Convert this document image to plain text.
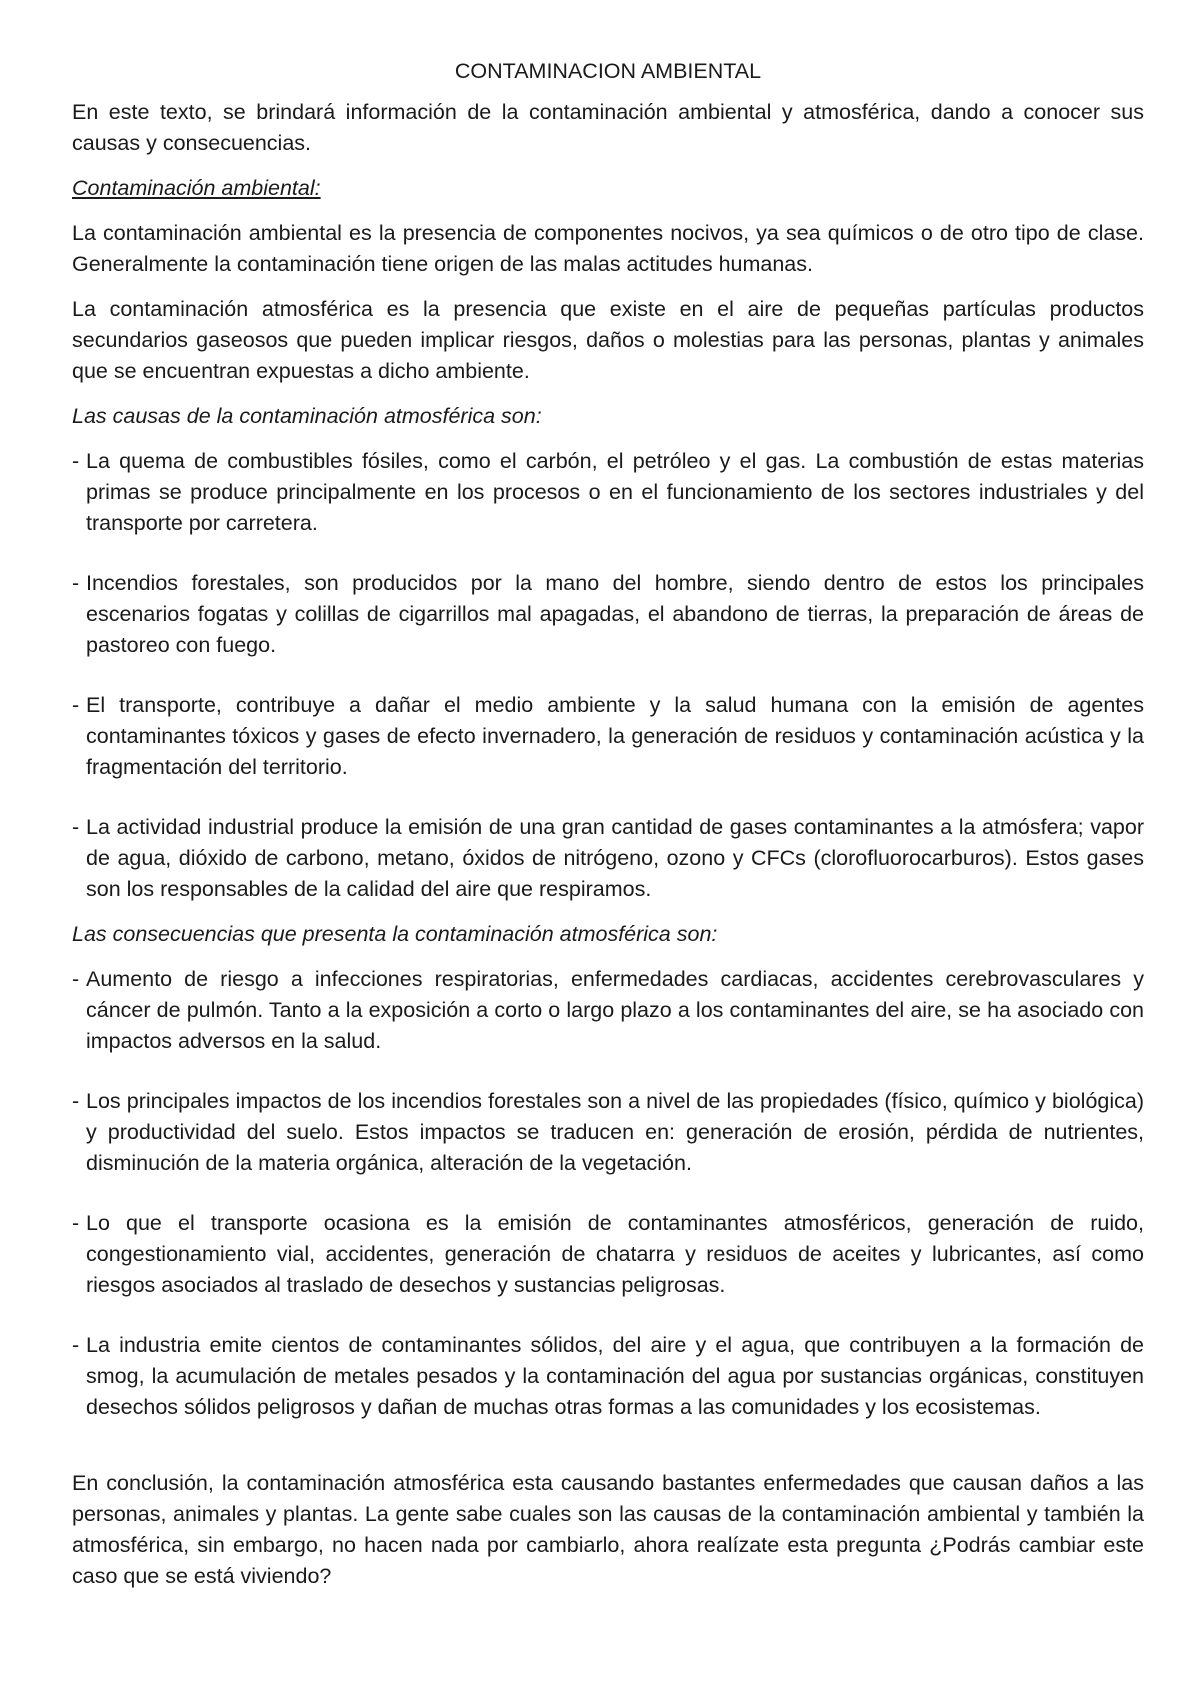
CONTAMINACION AMBIENTAL

En este texto, se brindará información de la contaminación ambiental y atmosférica, dando a conocer sus causas y consecuencias.

Contaminación ambiental:

La contaminación ambiental es la presencia de componentes nocivos, ya sea químicos o de otro tipo de clase. Generalmente la contaminación tiene origen de las malas actitudes humanas.

La contaminación atmosférica es la presencia que existe en el aire de pequeñas partículas productos secundarios gaseosos que pueden implicar riesgos, daños o molestias para las personas, plantas y animales que se encuentran expuestas a dicho ambiente.

Las causas de la contaminación atmosférica son:
- La quema de combustibles fósiles, como el carbón, el petróleo y el gas. La combustión de estas materias primas se produce principalmente en los procesos o en el funcionamiento de los sectores industriales y del transporte por carretera.
- Incendios forestales, son producidos por la mano del hombre, siendo dentro de estos los principales escenarios fogatas y colillas de cigarrillos mal apagadas, el abandono de tierras, la preparación de áreas de pastoreo con fuego.
- El transporte, contribuye a dañar el medio ambiente y la salud humana con la emisión de agentes contaminantes tóxicos y gases de efecto invernadero, la generación de residuos y contaminación acústica y la fragmentación del territorio.
- La actividad industrial produce la emisión de una gran cantidad de gases contaminantes a la atmósfera; vapor de agua, dióxido de carbono, metano, óxidos de nitrógeno, ozono y CFCs (clorofluorocarburos). Estos gases son los responsables de la calidad del aire que respiramos.
Las consecuencias que presenta la contaminación atmosférica son:
- Aumento de riesgo a infecciones respiratorias, enfermedades cardiacas, accidentes cerebrovasculares y cáncer de pulmón. Tanto a la exposición a corto o largo plazo a los contaminantes del aire, se ha asociado con impactos adversos en la salud.
- Los principales impactos de los incendios forestales son a nivel de las propiedades (físico, químico y biológica) y productividad del suelo. Estos impactos se traducen en: generación de erosión, pérdida de nutrientes, disminución de la materia orgánica, alteración de la vegetación.
- Lo que el transporte ocasiona es la emisión de contaminantes atmosféricos, generación de ruido, congestionamiento vial, accidentes, generación de chatarra y residuos de aceites y lubricantes, así como riesgos asociados al traslado de desechos y sustancias peligrosas.
- La industria emite cientos de contaminantes sólidos, del aire y el agua, que contribuyen a la formación de smog, la acumulación de metales pesados y la contaminación del agua por sustancias orgánicas, constituyen desechos sólidos peligrosos y dañan de muchas otras formas a las comunidades y los ecosistemas.

En conclusión, la contaminación atmosférica esta causando bastantes enfermedades que causan daños a las personas, animales y plantas. La gente sabe cuales son las causas de la contaminación ambiental y también la atmosférica, sin embargo, no hacen nada por cambiarlo, ahora realízate esta pregunta ¿Podrás cambiar este caso que se está viviendo?
